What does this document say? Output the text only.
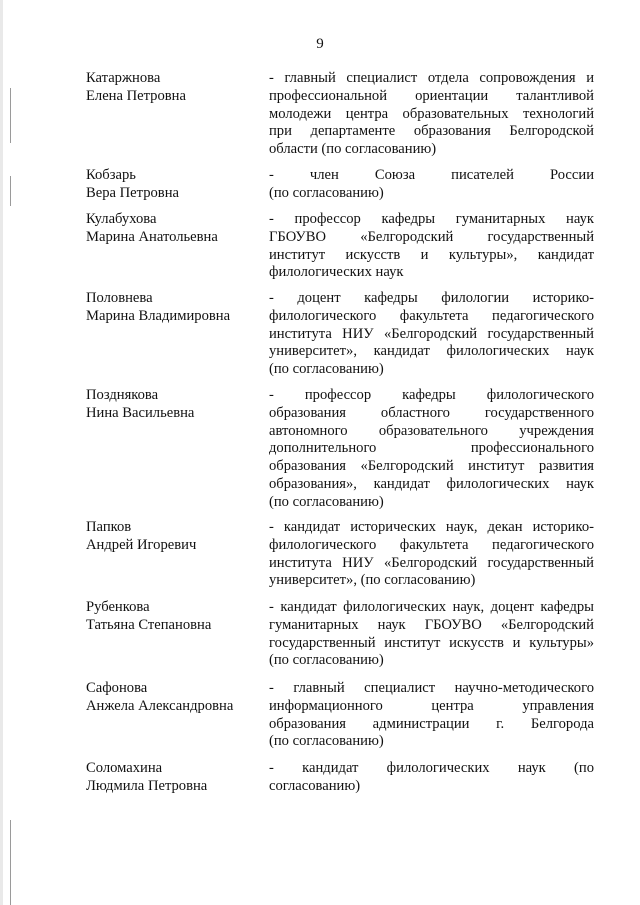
9
Катаржнова
Елена Петровна
- главный специалист отдела сопровождения и
профессиональной ориентации талантливой
молодежи центра образовательных технологий
при департаменте образования Белгородской
области (по согласованию)
Кобзарь
Вера Петровна
- член Союза писателей России
(по согласованию)
Кулабухова
Марина Анатольевна
- профессор кафедры гуманитарных наук
ГБОУВО «Белгородский государственный
институт искусств и культуры», кандидат
филологических наук
Половнева
Марина Владимировна
- доцент кафедры филологии историко-
филологического факультета педагогического
института НИУ «Белгородский государственный
университет», кандидат филологических наук
(по согласованию)
Позднякова
Нина Васильевна
- профессор кафедры филологического
образования областного государственного
автономного образовательного учреждения
дополнительного профессионального
образования «Белгородский институт развития
образования», кандидат филологических наук
(по согласованию)
Папков
Андрей Игоревич
- кандидат исторических наук, декан историко-
филологического факультета педагогического
института НИУ «Белгородский государственный
университет», (по согласованию)
Рубенкова
Татьяна Степановна
- кандидат филологических наук, доцент кафедры
гуманитарных наук ГБОУВО «Белгородский
государственный институт искусств и культуры»
(по согласованию)
Сафонова
Анжела Александровна
- главный специалист научно-методического
информационного центра управления
образования администрации г. Белгорода
(по согласованию)
Соломахина
Людмила Петровна
- кандидат филологических наук (по
согласованию)
